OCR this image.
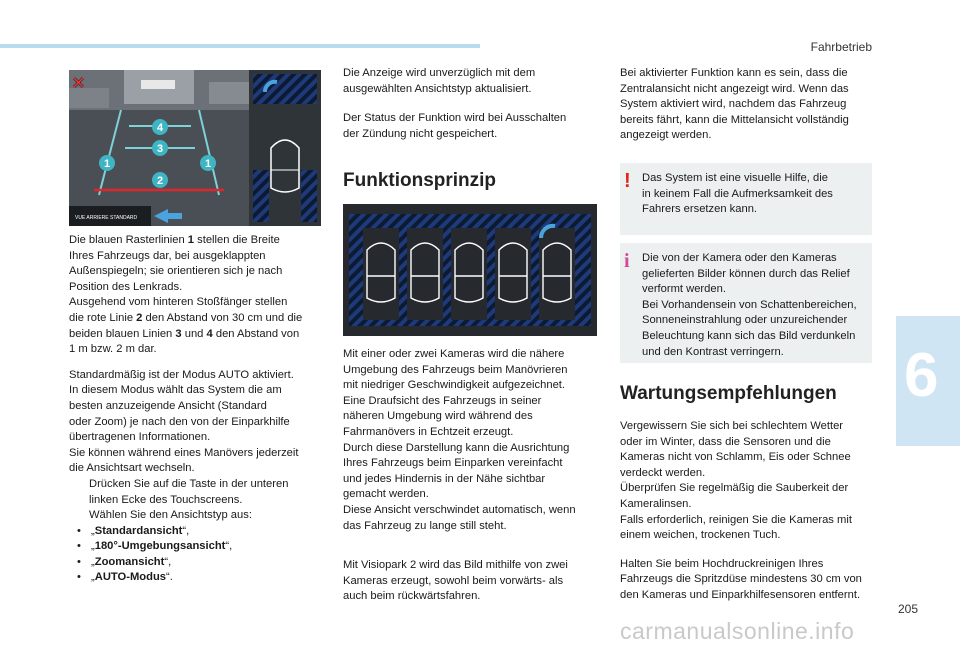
Fahrbetrieb
6
4
3
1	1
2
VUE ARRIERE STANDARD

Die blauen Rasterlinien 1 stellen die Breite
Ihres Fahrzeugs dar, bei ausgeklappten
Außenspiegeln; sie orientieren sich je nach
Position des Lenkrads.
Ausgehend vom hinteren Stoßfänger stellen
die rote Linie 2 den Abstand von 30 cm und die
beiden blauen Linien 3 und 4 den Abstand von
1 m bzw. 2 m dar.

Standardmäßig ist der Modus AUTO aktiviert.
In diesem Modus wählt das System die am
besten anzuzeigende Ansicht (Standard
oder Zoom) je nach den von der Einparkhilfe
übertragenen Informationen.
Sie können während eines Manövers jederzeit
die Ansichtsart wechseln.

Drücken Sie auf die Taste in der unteren
linken Ecke des Touchscreens.
Wählen Sie den Ansichtstyp aus:
• „Standardansicht“,
• „180°-Umgebungsansicht“,
• „Zoomansicht“,
• „AUTO-Modus“.

Die Anzeige wird unverzüglich mit dem
ausgewählten Ansichtstyp aktualisiert.

Der Status der Funktion wird bei Ausschalten
der Zündung nicht gespeichert.

Funktionsprinzip

Mit einer oder zwei Kameras wird die nähere
Umgebung des Fahrzeugs beim Manövrieren
mit niedriger Geschwindigkeit aufgezeichnet.
Eine Draufsicht des Fahrzeugs in seiner
näheren Umgebung wird während des
Fahrmanövers in Echtzeit erzeugt.
Durch diese Darstellung kann die Ausrichtung
Ihres Fahrzeugs beim Einparken vereinfacht
und jedes Hindernis in der Nähe sichtbar
gemacht werden.
Diese Ansicht verschwindet automatisch, wenn
das Fahrzeug zu lange still steht.

Mit Visiopark 2 wird das Bild mithilfe von zwei
Kameras erzeugt, sowohl beim vorwärts- als
auch beim rückwärtsfahren.

Bei aktivierter Funktion kann es sein, dass die
Zentralansicht nicht angezeigt wird. Wenn das
System aktiviert wird, nachdem das Fahrzeug
bereits fährt, kann die Mittelansicht vollständig
angezeigt werden.
! Das System ist eine visuelle Hilfe, die
in keinem Fall die Aufmerksamkeit des
Fahrers ersetzen kann.
i Die von der Kamera oder den Kameras
gelieferten Bilder können durch das Relief
verformt werden.
Bei Vorhandensein von Schattenbereichen,
Sonneneinstrahlung oder unzureichender
Beleuchtung kann sich das Bild verdunkeln
und den Kontrast verringern.
Wartungsempfehlungen

Vergewissern Sie sich bei schlechtem Wetter
oder im Winter, dass die Sensoren und die
Kameras nicht von Schlamm, Eis oder Schnee
verdeckt werden.
Überprüfen Sie regelmäßig die Sauberkeit der
Kameralinsen.
Falls erforderlich, reinigen Sie die Kameras mit
einem weichen, trockenen Tuch.

Halten Sie beim Hochdruckreinigen Ihres
Fahrzeugs die Spritzdüse mindestens 30 cm von
den Kameras und Einparkhilfesensoren entfernt.

205
carmanualsonline.info
